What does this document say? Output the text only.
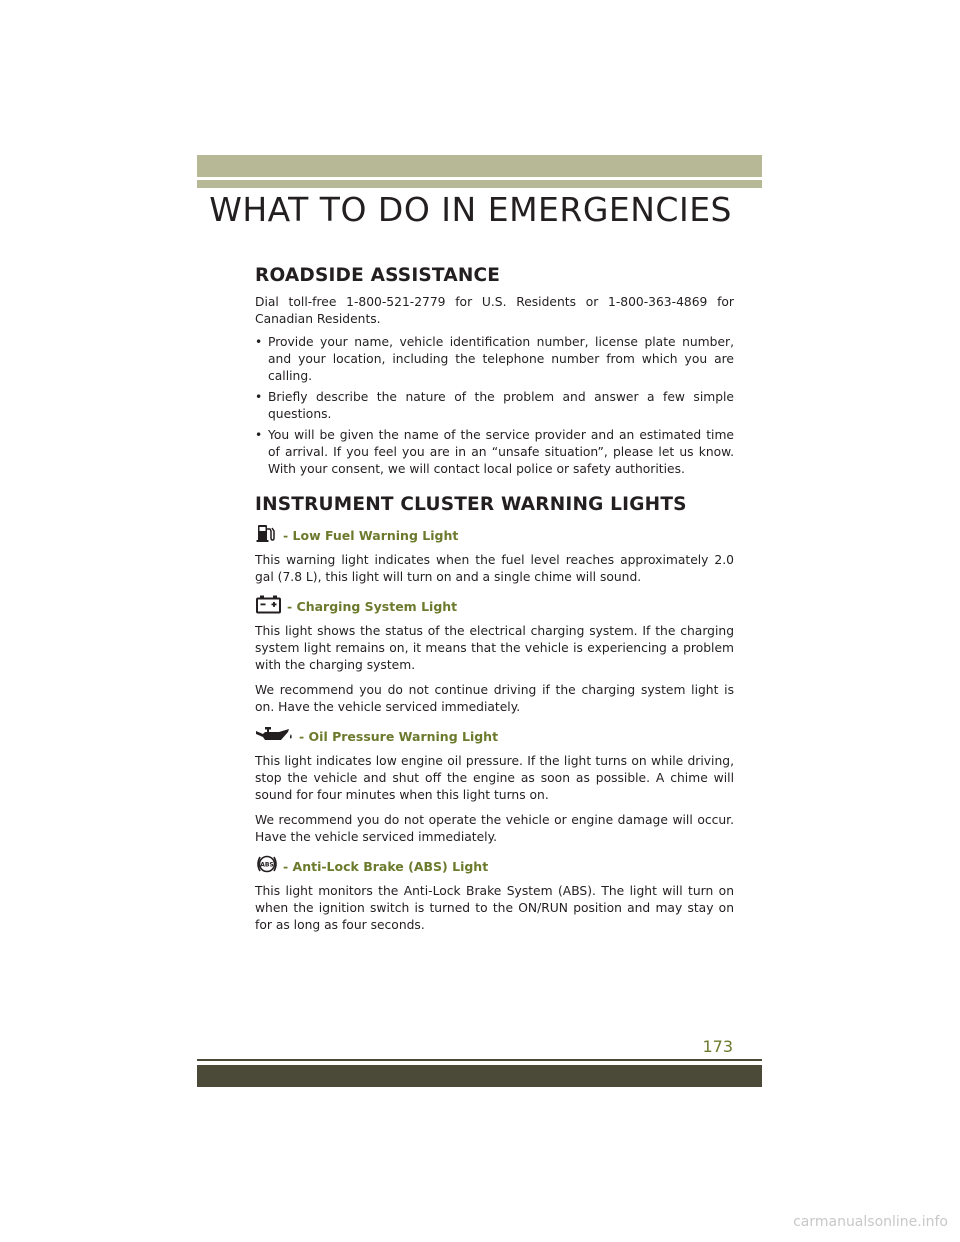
WHAT TO DO IN EMERGENCIES
ROADSIDE ASSISTANCE

Dial toll-free 1-800-521-2779 for U.S. Residents or 1-800-363-4869 for Canadian Residents.

• Provide your name, vehicle identification number, license plate number, and your location, including the telephone number from which you are calling.
• Briefly describe the nature of the problem and answer a few simple questions.
• You will be given the name of the service provider and an estimated time of arrival. If you feel you are in an “unsafe situation”, please let us know. With your consent, we will contact local police or safety authorities.
INSTRUMENT CLUSTER WARNING LIGHTS
- Low Fuel Warning Light

This warning light indicates when the fuel level reaches approximately 2.0 gal (7.8 L), this light will turn on and a single chime will sound.

- Charging System Light

This light shows the status of the electrical charging system. If the charging system light remains on, it means that the vehicle is experiencing a problem with the charging system.

We recommend you do not continue driving if the charging system light is on. Have the vehicle serviced immediately.

- Oil Pressure Warning Light

This light indicates low engine oil pressure. If the light turns on while driving, stop the vehicle and shut off the engine as soon as possible. A chime will sound for four minutes when this light turns on.

We recommend you do not operate the vehicle or engine damage will occur. Have the vehicle serviced immediately.

ABS - Anti-Lock Brake (ABS) Light

This light monitors the Anti-Lock Brake System (ABS). The light will turn on when the ignition switch is turned to the ON/RUN position and may stay on for as long as four seconds.

173
carmanualsonline.info
